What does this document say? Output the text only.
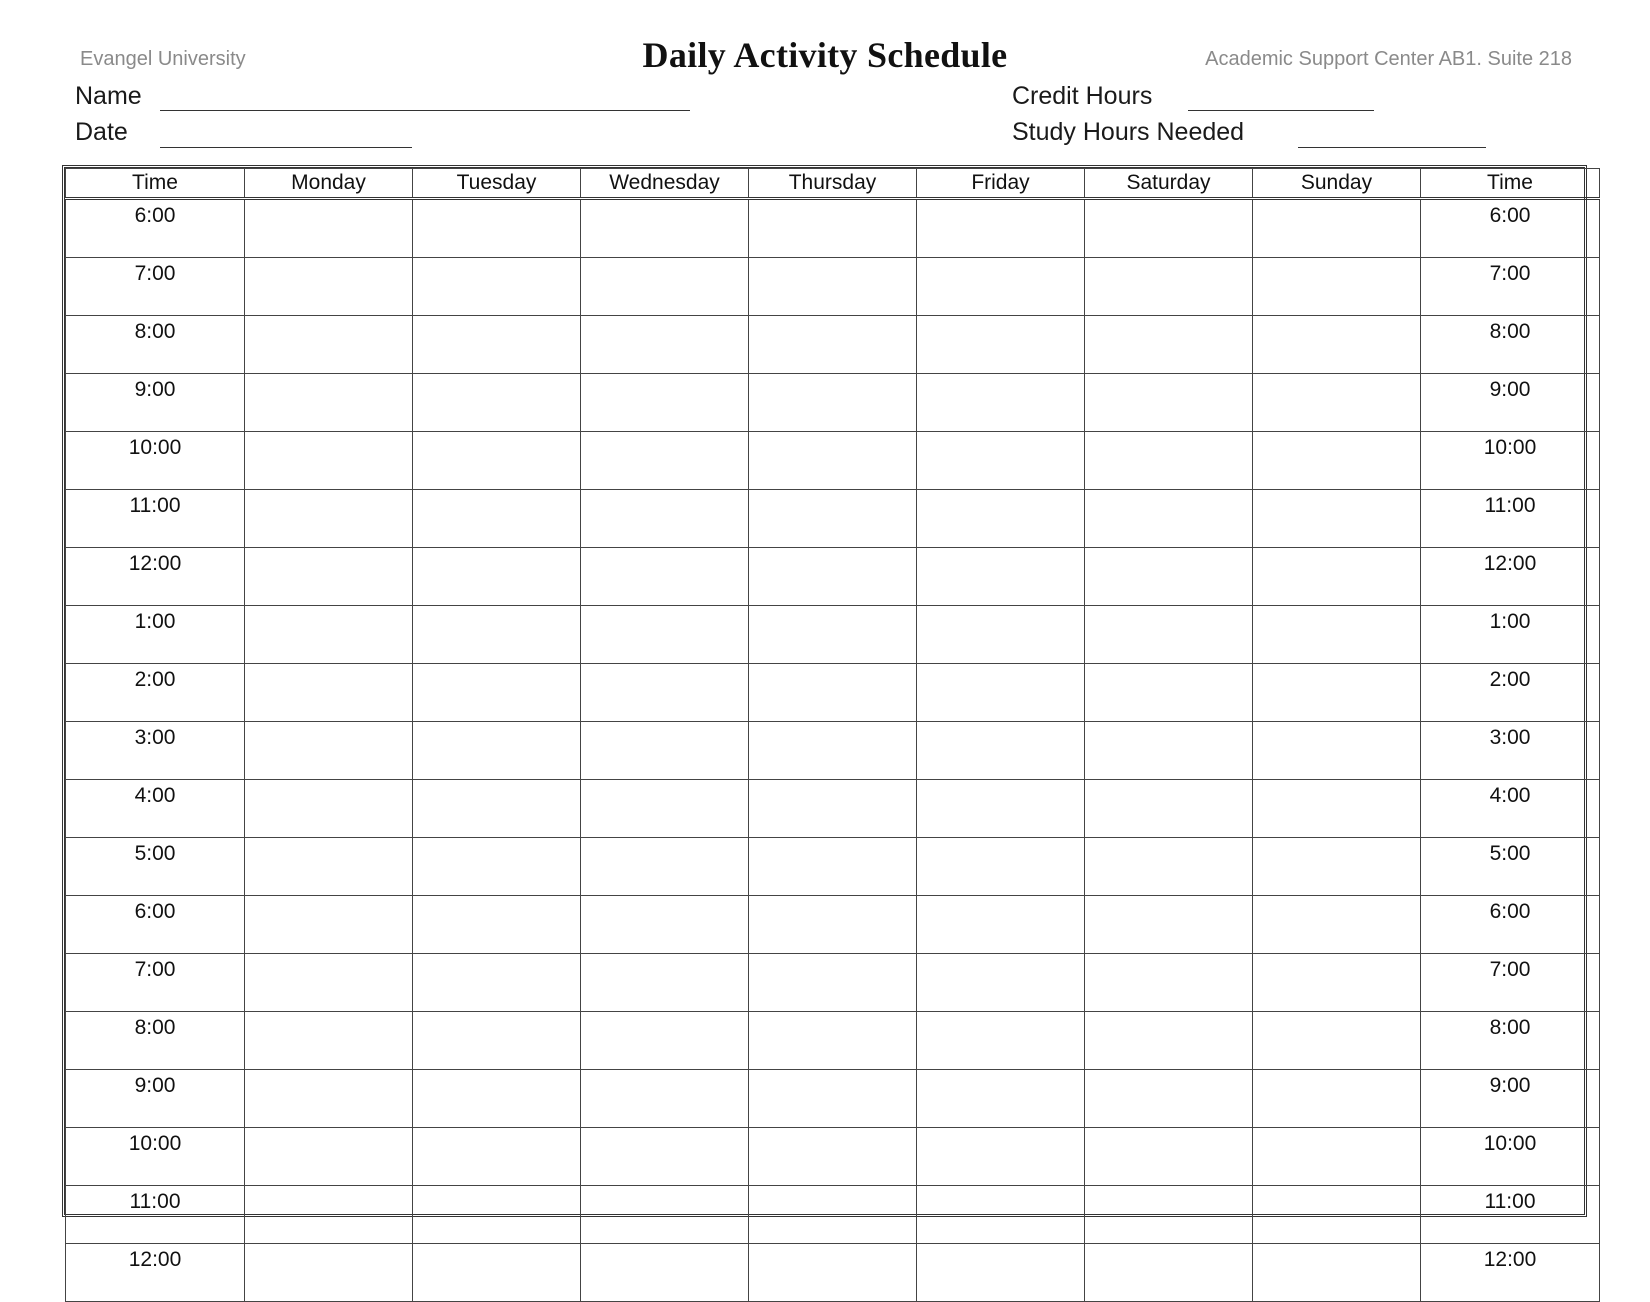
Evangel University	Daily Activity Schedule	Academic Support Center AB1. Suite 218
Name
Date
Credit Hours
Study Hours Needed
Time	Monday	Tuesday	Wednesday	Thursday	Friday	Saturday	Sunday	Time
6:00								6:00
7:00								7:00
8:00								8:00
9:00								9:00
10:00								10:00
11:00								11:00
12:00								12:00
1:00								1:00
2:00								2:00
3:00								3:00
4:00								4:00
5:00								5:00
6:00								6:00
7:00								7:00
8:00								8:00
9:00								9:00
10:00								10:00
11:00								11:00
12:00								12:00
